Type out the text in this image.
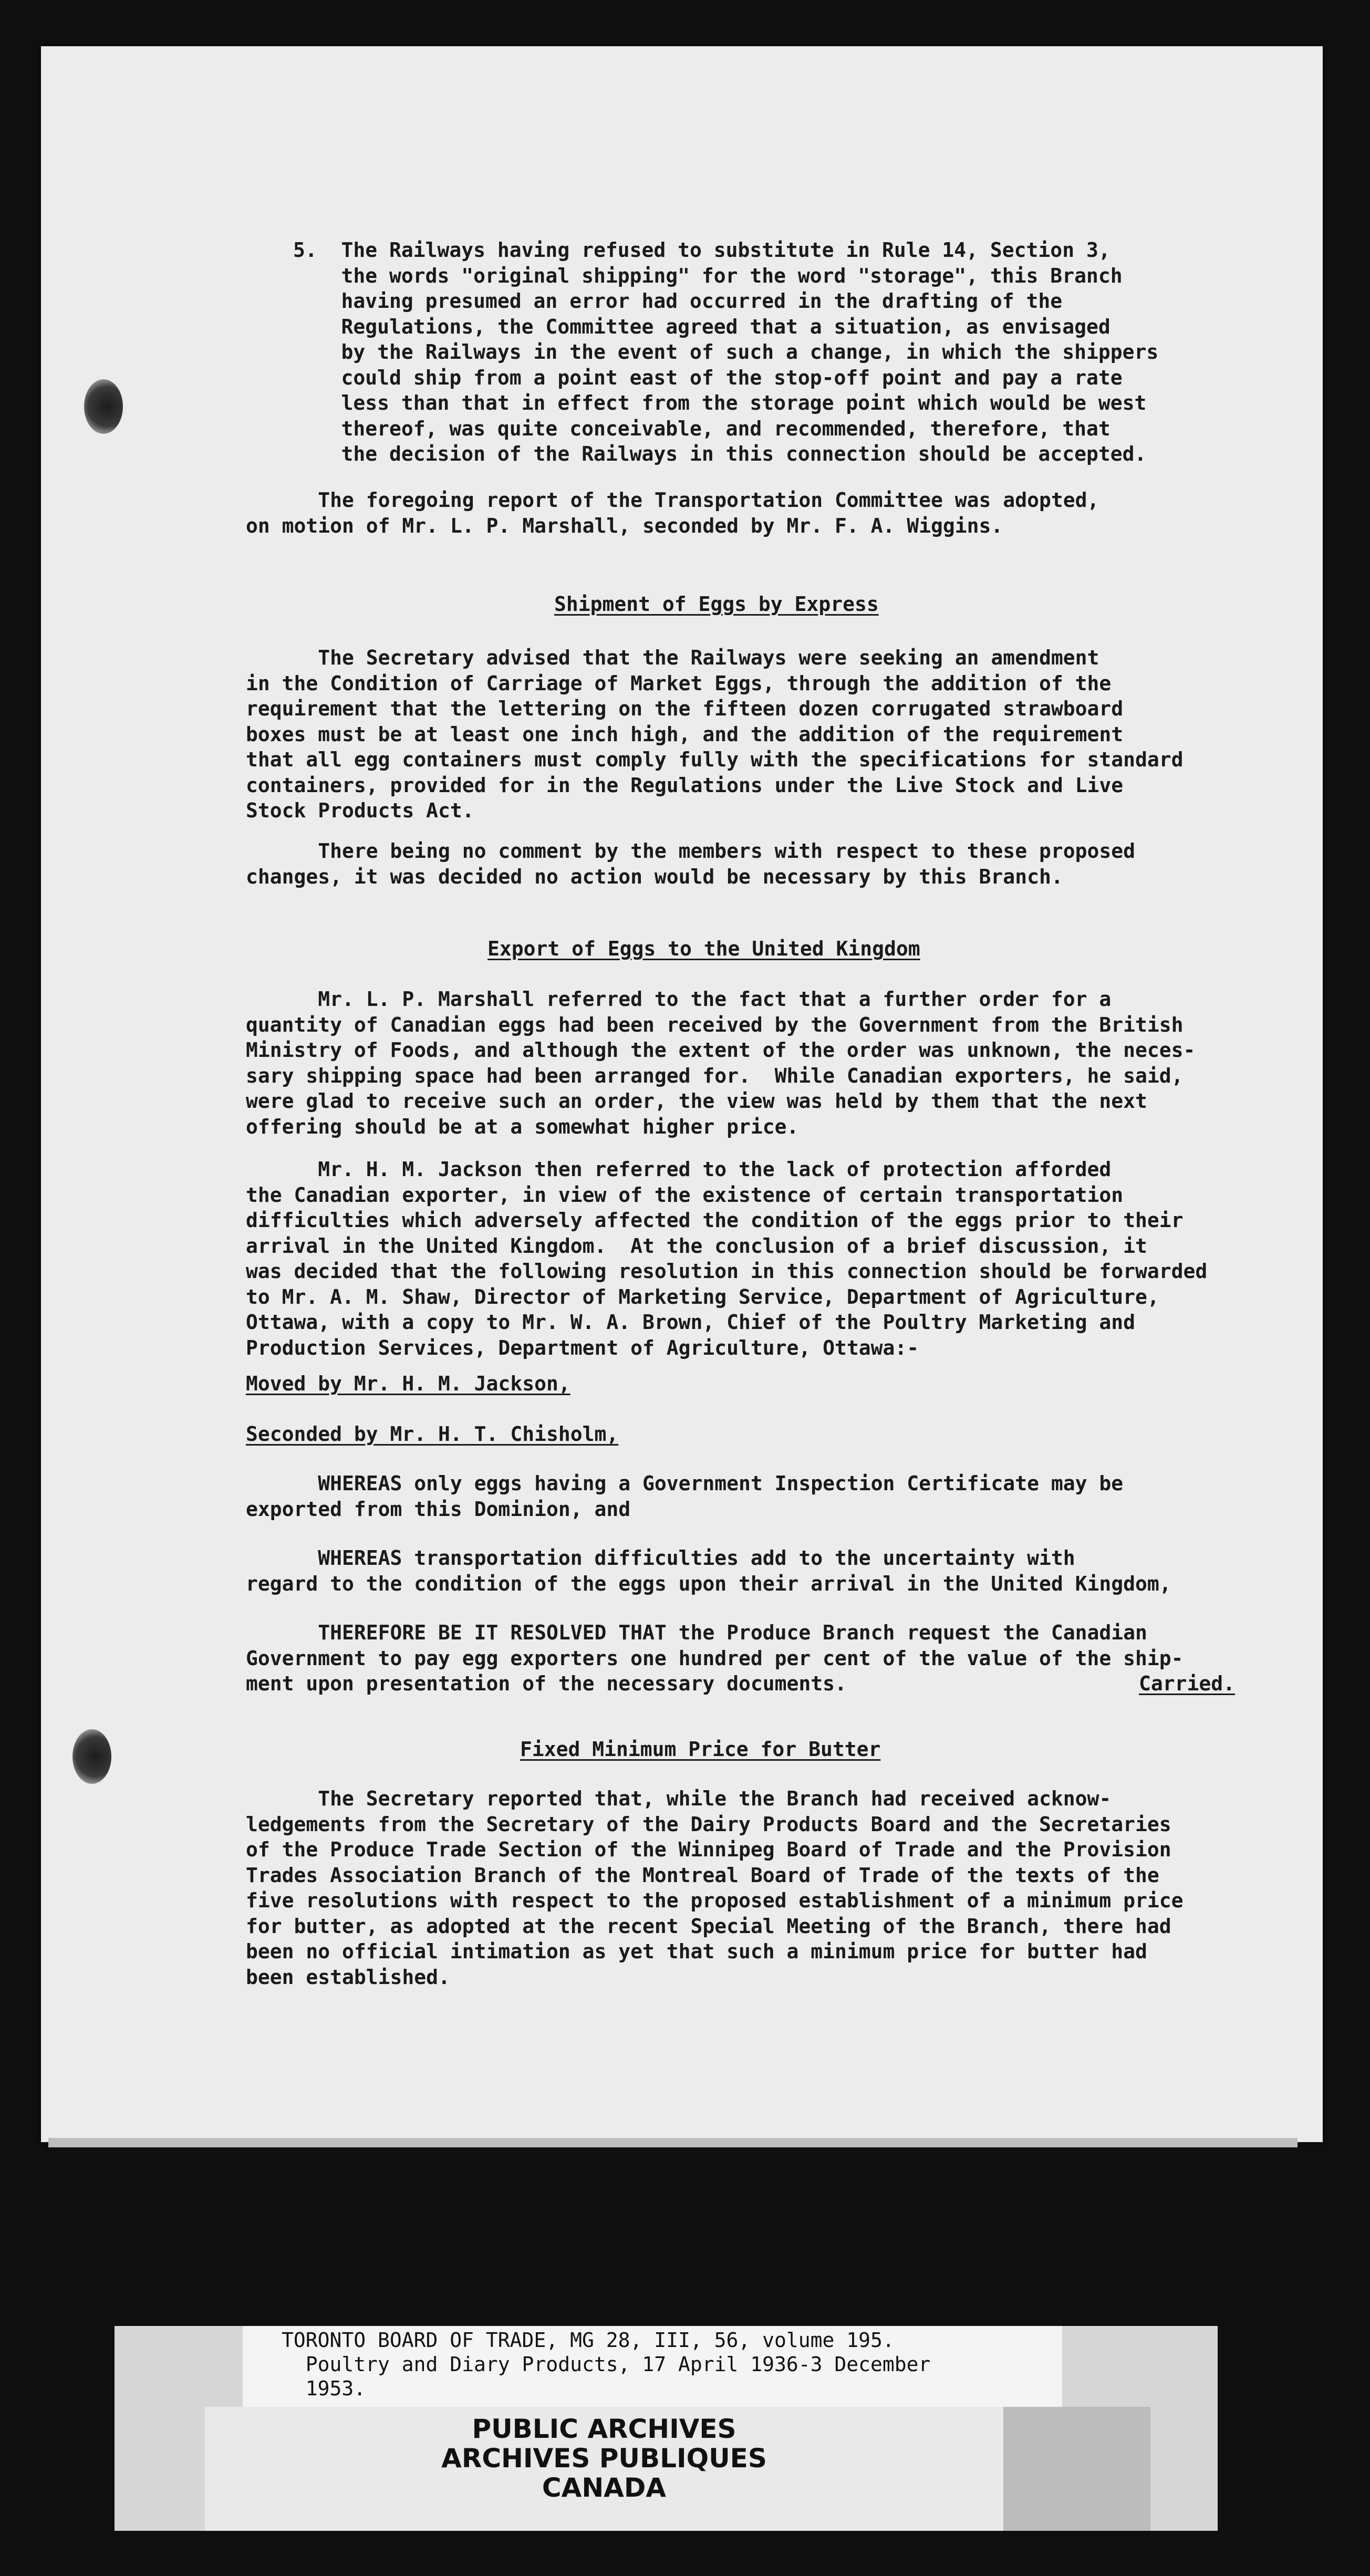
5.  The Railways having refused to substitute in Rule 14, Section 3,
the words "original shipping" for the word "storage", this Branch
having presumed an error had occurred in the drafting of the
Regulations, the Committee agreed that a situation, as envisaged
by the Railways in the event of such a change, in which the shippers
could ship from a point east of the stop-off point and pay a rate
less than that in effect from the storage point which would be west
thereof, was quite conceivable, and recommended, therefore, that
the decision of the Railways in this connection should be accepted.
The foregoing report of the Transportation Committee was adopted,
on motion of Mr. L. P. Marshall, seconded by Mr. F. A. Wiggins.
Shipment of Eggs by Express
The Secretary advised that the Railways were seeking an amendment
in the Condition of Carriage of Market Eggs, through the addition of the
requirement that the lettering on the fifteen dozen corrugated strawboard
boxes must be at least one inch high, and the addition of the requirement
that all egg containers must comply fully with the specifications for standard
containers, provided for in the Regulations under the Live Stock and Live
Stock Products Act.
There being no comment by the members with respect to these proposed
changes, it was decided no action would be necessary by this Branch.
Export of Eggs to the United Kingdom
Mr. L. P. Marshall referred to the fact that a further order for a
quantity of Canadian eggs had been received by the Government from the British
Ministry of Foods, and although the extent of the order was unknown, the neces-
sary shipping space had been arranged for.  While Canadian exporters, he said,
were glad to receive such an order, the view was held by them that the next
offering should be at a somewhat higher price.
Mr. H. M. Jackson then referred to the lack of protection afforded
the Canadian exporter, in view of the existence of certain transportation
difficulties which adversely affected the condition of the eggs prior to their
arrival in the United Kingdom.  At the conclusion of a brief discussion, it
was decided that the following resolution in this connection should be forwarded
to Mr. A. M. Shaw, Director of Marketing Service, Department of Agriculture,
Ottawa, with a copy to Mr. W. A. Brown, Chief of the Poultry Marketing and
Production Services, Department of Agriculture, Ottawa:-
Moved by Mr. H. M. Jackson,
Seconded by Mr. H. T. Chisholm,
WHEREAS only eggs having a Government Inspection Certificate may be
exported from this Dominion, and
WHEREAS transportation difficulties add to the uncertainty with
regard to the condition of the eggs upon their arrival in the United Kingdom,
THEREFORE BE IT RESOLVED THAT the Produce Branch request the Canadian
Government to pay egg exporters one hundred per cent of the value of the ship-
ment upon presentation of the necessary documents.	Carried.
Fixed Minimum Price for Butter
The Secretary reported that, while the Branch had received acknow-
ledgements from the Secretary of the Dairy Products Board and the Secretaries
of the Produce Trade Section of the Winnipeg Board of Trade and the Provision
Trades Association Branch of the Montreal Board of Trade of the texts of the
five resolutions with respect to the proposed establishment of a minimum price
for butter, as adopted at the recent Special Meeting of the Branch, there had
been no official intimation as yet that such a minimum price for butter had
been established.
TORONTO BOARD OF TRADE, MG 28, III, 56, volume 195.
Poultry and Diary Products, 17 April 1936-3 December
1953.
PUBLIC ARCHIVES
ARCHIVES PUBLIQUES
CANADA
